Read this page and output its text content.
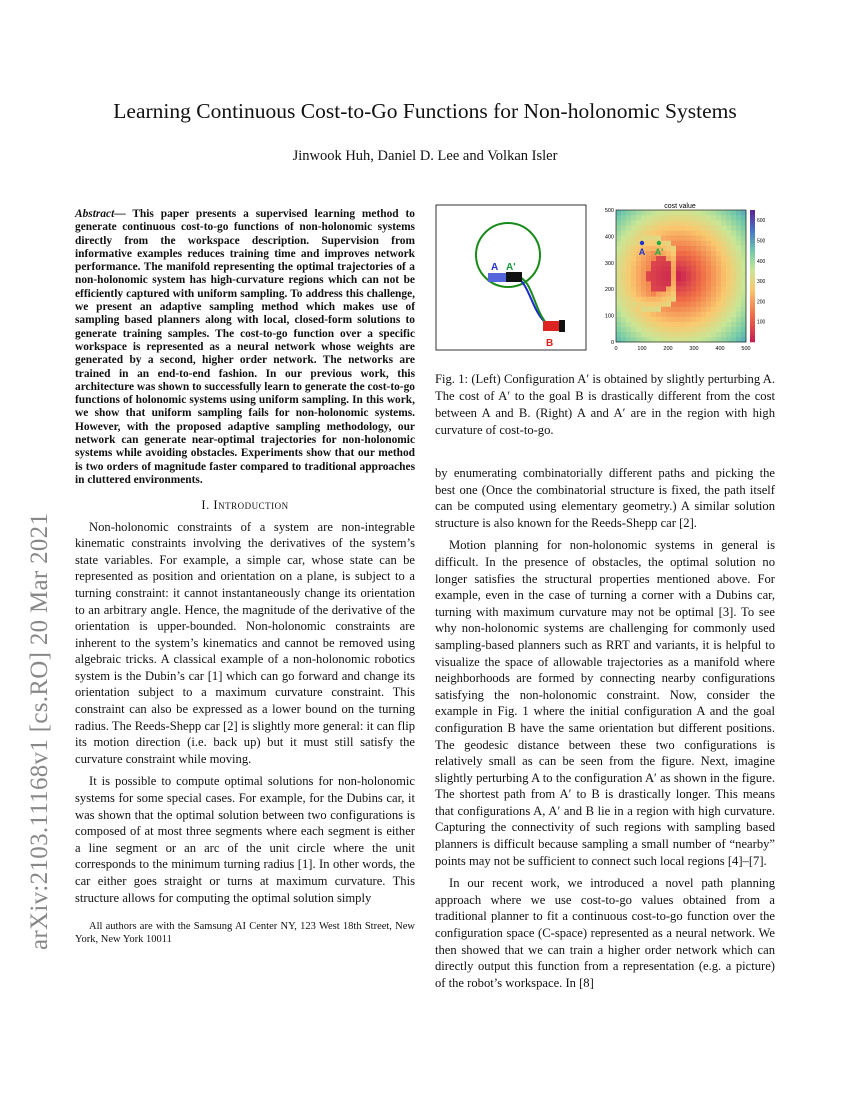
Learning Continuous Cost-to-Go Functions for Non-holonomic Systems
Jinwook Huh, Daniel D. Lee and Volkan Isler
arXiv:2103.11168v1 [cs.RO] 20 Mar 2021
Abstract— This paper presents a supervised learning method to generate continuous cost-to-go functions of non-holonomic systems directly from the workspace description. Supervision from informative examples reduces training time and improves network performance. The manifold representing the optimal trajectories of a non-holonomic system has high-curvature regions which can not be efficiently captured with uniform sampling. To address this challenge, we present an adaptive sampling method which makes use of sampling based planners along with local, closed-form solutions to generate training samples. The cost-to-go function over a specific workspace is represented as a neural network whose weights are generated by a second, higher order network. The networks are trained in an end-to-end fashion. In our previous work, this architecture was shown to successfully learn to generate the cost-to-go functions of holonomic systems using uniform sampling. In this work, we show that uniform sampling fails for non-holonomic systems. However, with the proposed adaptive sampling methodology, our network can generate near-optimal trajectories for non-holonomic systems while avoiding obstacles. Experiments show that our method is two orders of magnitude faster compared to traditional approaches in cluttered environments.
I. Introduction

Non-holonomic constraints of a system are non-integrable kinematic constraints involving the derivatives of the system’s state variables. For example, a simple car, whose state can be represented as position and orientation on a plane, is subject to a turning constraint: it cannot instantaneously change its orientation to an arbitrary angle. Hence, the magnitude of the derivative of the orientation is upper-bounded. Non-holonomic constraints are inherent to the system’s kinematics and cannot be removed using algebraic tricks. A classical example of a non-holonomic robotics system is the Dubin’s car [1] which can go forward and change its orientation subject to a maximum curvature constraint. This constraint can also be expressed as a lower bound on the turning radius. The Reeds-Shepp car [2] is slightly more general: it can flip its motion direction (i.e. back up) but it must still satisfy the curvature constraint while moving.

It is possible to compute optimal solutions for non-holonomic systems for some special cases. For example, for the Dubins car, it was shown that the optimal solution between two configurations is composed of at most three segments where each segment is either a line segment or an arc of the unit circle where the unit corresponds to the minimum turning radius [1]. In other words, the car either goes straight or turns at maximum curvature. This structure allows for computing the optimal solution simply

All authors are with the Samsung AI Center NY, 123 West 18th Street, New York, New York 10011
A A'
B
cost value
0	100	200	300	400	500
0
100
200
300
400
500
A A'
100
200
300
400
500
600
Fig. 1: (Left) Configuration A′ is obtained by slightly perturbing A. The cost of A′ to the goal B is drastically different from the cost between A and B. (Right) A and A′ are in the region with high curvature of cost-to-go.

by enumerating combinatorially different paths and picking the best one (Once the combinatorial structure is fixed, the path itself can be computed using elementary geometry.) A similar solution structure is also known for the Reeds-Shepp car [2].

Motion planning for non-holonomic systems in general is difficult. In the presence of obstacles, the optimal solution no longer satisfies the structural properties mentioned above. For example, even in the case of turning a corner with a Dubins car, turning with maximum curvature may not be optimal [3]. To see why non-holonomic systems are challenging for commonly used sampling-based planners such as RRT and variants, it is helpful to visualize the space of allowable trajectories as a manifold where neighborhoods are formed by connecting nearby configurations satisfying the non-holonomic constraint. Now, consider the example in Fig. 1 where the initial configuration A and the goal configuration B have the same orientation but different positions. The geodesic distance between these two configurations is relatively small as can be seen from the figure. Next, imagine slightly perturbing A to the configuration A′ as shown in the figure. The shortest path from A′ to B is drastically longer. This means that configurations A, A′ and B lie in a region with high curvature. Capturing the connectivity of such regions with sampling based planners is difficult because sampling a small number of “nearby” points may not be sufficient to connect such local regions [4]–[7].

In our recent work, we introduced a novel path planning approach where we use cost-to-go values obtained from a traditional planner to fit a continuous cost-to-go function over the configuration space (C-space) represented as a neural network. We then showed that we can train a higher order network which can directly output this function from a representation (e.g. a picture) of the robot’s workspace. In [8]
